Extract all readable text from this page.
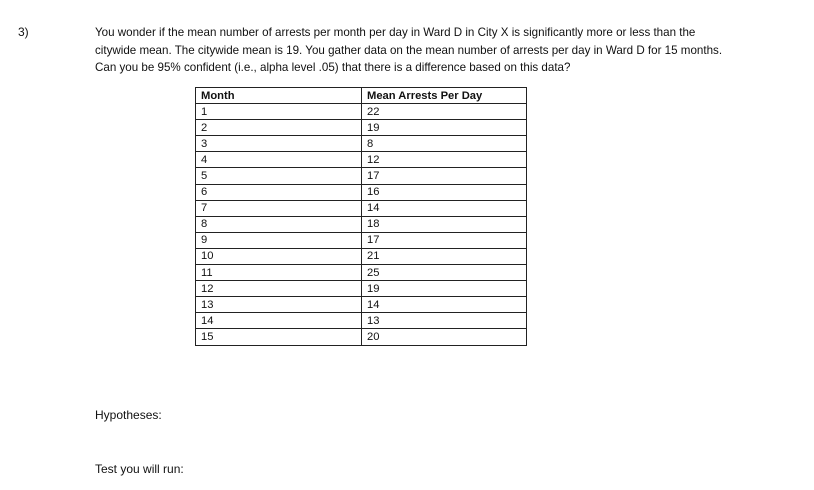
3)	You wonder if the mean number of arrests per month per day in Ward D in City X is significantly more or less than the
citywide mean. The citywide mean is 19. You gather data on the mean number of arrests per day in Ward D for 15 months.
Can you be 95% confident (i.e., alpha level .05) that there is a difference based on this data?
Month	Mean Arrests Per Day
1	22
2	19
3	8
4	12
5	17
6	16
7	14
8	18
9	17
10	21
11	25
12	19
13	14
14	13
15	20
Hypotheses:
Test you will run:
